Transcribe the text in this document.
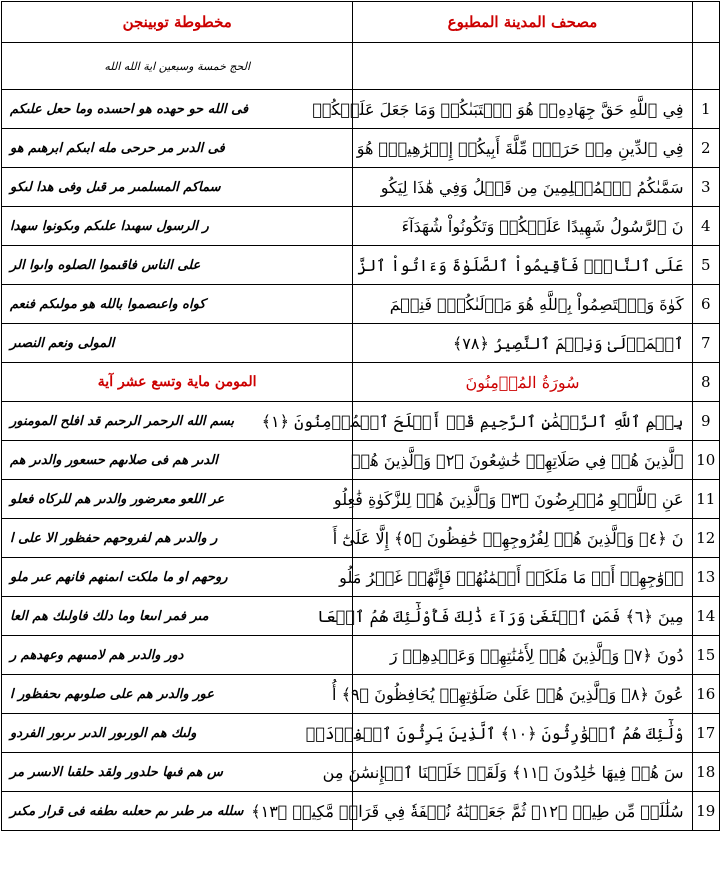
مخطوطة توبينجن	مصحف المدينة المطبوع	

الحج خمسة وسبعين اية الله الله		

فى الله حو حهده هو احسده وما حعل علىكم	فِي ٱللَّهِ حَقَّ جِهَادِهِۦۚ هُوَ ٱجۡتَبَىٰكُمۡ وَمَا جَعَلَ عَلَيۡكُمۡ	1

فى الدىر مر حرحى مله ابىكم ابرهىم هو	فِي ٱلدِّينِ مِنۡ حَرَجٖۚ مِّلَّةَ أَبِيكُمۡ إِبۡرَٰهِيمَۚ هُوَ	2

سماكم المسلمىر مر قىل وفى هدا لىكو	سَمَّىٰكُمُ ٱلۡمُسۡلِمِينَ مِن قَبۡلُ وَفِي هَٰذَا لِيَكُو	3

ر الرسول سهىدا علىكم وىكونوا سهدا	نَ ٱلرَّسُولُ شَهِيدًا عَلَيۡكُمۡ وَتَكُونُواْ شُهَدَآءَ	4

على الناس فاقىموا الصلوه واىوا الر	عَلَى ٱلنَّاسِۚ فَأَقِيمُواْ ٱلصَّلَوٰةَ وَءَاتُواْ ٱلزَّ	5

كواه واعىصموا بالله هو مولىكم فنعم	كَوٰةَ وَٱعۡتَصِمُواْ بِٱللَّهِ هُوَ مَوۡلَىٰكُمۡۖ فَنِعۡمَ	6

المولى ونعم النصىر	ٱلۡمَوۡلَىٰ وَنِعۡمَ ٱلنَّصِيرُ ﴿٧٨﴾	7

المومن مایة وتسع عشر آية	سُورَةُ المُؤۡمِنُونَ	8

بسم الله الرحمر الرحىم قد افلح المومنور	بِسۡمِ ٱللَّهِ ٱلرَّحۡمَٰنِ ٱلرَّحِيمِ قَدۡ أَفۡلَحَ ٱلۡمُؤۡمِنُونَ ﴿١﴾	9

الدىر هم فى صلاىهم حسعور والدىر هم	ٱلَّذِينَ هُمۡ فِي صَلَاتِهِمۡ خَٰشِعُونَ ﴿٢﴾ وَٱلَّذِينَ هُمۡ	10

عر اللعو معرضور والدىر هم للركاه فعلو	عَنِ ٱللَّغۡوِ مُعۡرِضُونَ ﴿٣﴾ وَٱلَّذِينَ هُمۡ لِلزَّكَوٰةِ فَٰعِلُو	11

ر والدىر هم لفروحهم حفظور الا على ا	نَ ﴿٤﴾ وَٱلَّذِينَ هُمۡ لِفُرُوجِهِمۡ حَٰفِظُونَ ﴿٥﴾ إِلَّا عَلَىٰٓ أَ	12

روحهم او ما ملكت اىمنهم فانهم عىر ملو	زۡوَٰجِهِمۡ أَوۡ مَا مَلَكَتۡ أَيۡمَٰنُهُمۡ فَإِنَّهُمۡ غَيۡرُ مَلُو	13

مىر فمر اىىعا وما دلك فاولىك هم العا	مِينَ ﴿٦﴾ فَمَنِ ٱبۡتَغَىٰ وَرَآءَ ذَٰلِكَ فَأُوْلَٰٓئِكَ هُمُ ٱلۡعَا	14

دور والدىر هم لامىىهم وعهدهم ر	دُونَ ﴿٧﴾ وَٱلَّذِينَ هُمۡ لِأَمَٰنَٰتِهِمۡ وَعَهۡدِهِمۡ رَ	15

عور والدىر هم على صلوىهم ىحفظور ا	عُونَ ﴿٨﴾ وَٱلَّذِينَ هُمۡ عَلَىٰ صَلَوَٰتِهِمۡ يُحَافِظُونَ ﴿٩﴾ أُ	16

ولىك هم الورىور الدىر ىرىور الفردو	وْلَٰٓئِكَ هُمُ ٱلۡوَٰرِثُونَ ﴿١٠﴾ ٱلَّذِينَ يَرِثُونَ ٱلۡفِرۡدَوۡ	17

س هم فىها حلدور ولقد حلقىا الاىسر مر	سَ هُمۡ فِيهَا خَٰلِدُونَ ﴿١١﴾ وَلَقَدۡ خَلَقۡنَا ٱلۡإِنسَٰنَ مِن	18

سلله مر طىر ىم حعلىه ىطفه فى قرار مكىر	سُلَٰلَةٖ مِّن طِينٖ ﴿١٢﴾ ثُمَّ جَعَلۡنَٰهُ نُطۡفَةٗ فِي قَرَارٖ مَّكِينٖ ﴿١٣﴾	19
